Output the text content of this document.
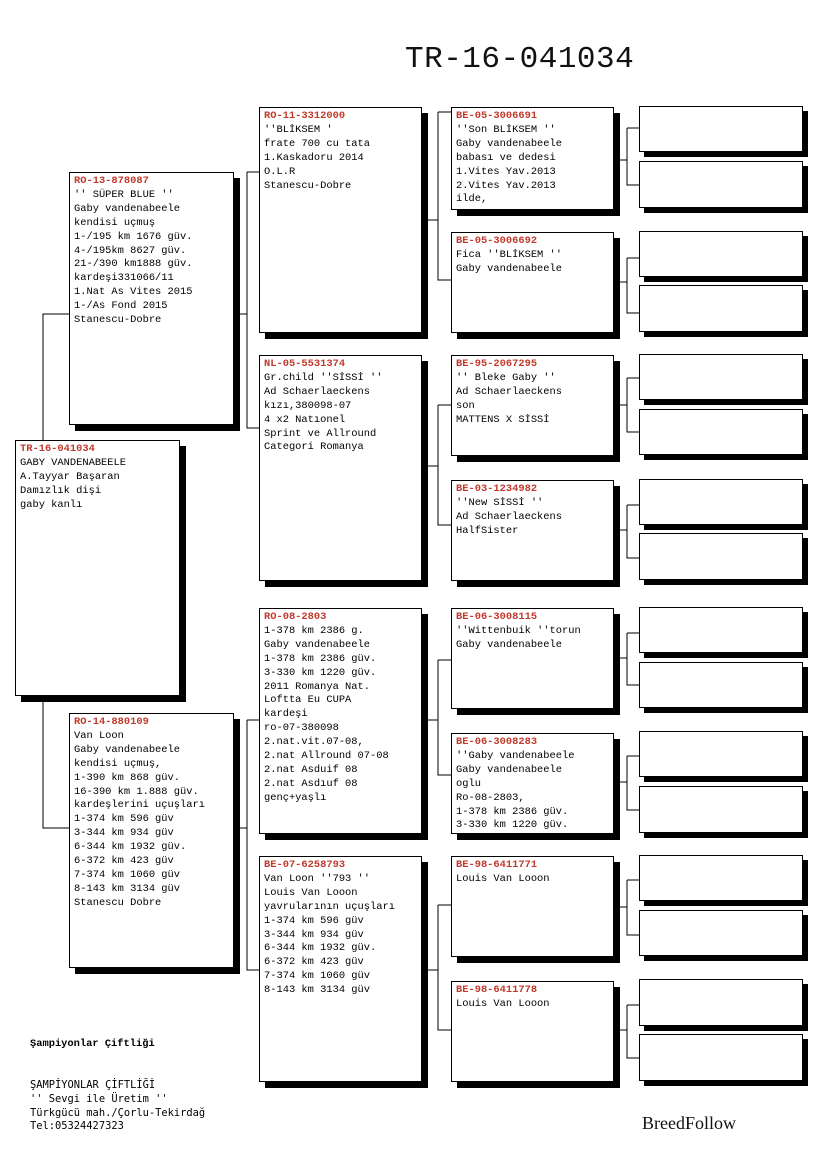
TR-16-041034
TR-16-041034
GABY VANDENABEELE
A.Tayyar Başaran
Damızlık dişi
gaby kanlı
RO-13-878087
'' SÜPER BLUE ''
Gaby vandenabeele
kendisi uçmuş
1-/195 km 1676 güv.
4-/195km 8627 güv.
21-/390 km1888 güv.
kardeşi331066/11
1.Nat As Vites 2015
1-/As Fond 2015
Stanescu-Dobre
RO-14-880109
Van Loon
Gaby vandenabeele
kendisi uçmuş,
1-390 km 868 güv.
16-390 km 1.888 güv.
kardeşlerini uçuşları
1-374 km 596 güv
3-344 km 934 güv
6-344 km 1932 güv.
6-372 km 423 güv
7-374 km 1060 güv
8-143 km 3134 güv
Stanescu Dobre
RO-11-3312000
''BLİKSEM '
frate 700 cu tata
1.Kaskadoru 2014
O.L.R
Stanescu-Dobre
NL-05-5531374
Gr.child ''SİSSİ ''
Ad Schaerlaeckens
kızı,380098-07
4 x2 Natıonel
Sprint ve Allround
Categori Romanya
RO-08-2803
1-378 km 2386 g.
Gaby vandenabeele
1-378 km 2386 güv.
3-330 km 1220 güv.
2011 Romanya Nat.
Loftta Eu CUPA
kardeşi
ro-07-380098
2.nat.vit.07-08,
2.nat Allround 07-08
2.nat Asduif 08
2.nat Asdıuf 08
genç+yaşlı
BE-07-6258793
Van Loon ''793 ''
Louis Van Looon
yavrularının uçuşları
1-374 km 596 güv
3-344 km 934 güv
6-344 km 1932 güv.
6-372 km 423 güv
7-374 km 1060 güv
8-143 km 3134 güv
BE-05-3006691
''Son BLİKSEM ''
Gaby vandenabeele
babası ve dedesi
1.Vites Yav.2013
2.Vites Yav.2013
ilde,
BE-05-3006692
Fica ''BLİKSEM ''
Gaby vandenabeele
BE-95-2067295
'' Bleke Gaby ''
Ad Schaerlaeckens
son
MATTENS X SİSSİ
BE-03-1234982
''New SİSSİ ''
Ad Schaerlaeckens
HalfSister
BE-06-3008115
''Wittenbuik ''torun
Gaby vandenabeele
BE-06-3008283
''Gaby vandenabeele
Gaby vandenabeele
oglu
Ro-08-2803,
1-378 km 2386 güv.
3-330 km 1220 güv.
BE-98-6411771
Louis Van Looon
BE-98-6411778
Louis Van Looon

Şampiyonlar Çiftliği

ŞAMPİYONLAR ÇİFTLİĞİ
'' Sevgi ile Üretim ''
Türkgücü mah./Çorlu-Tekirdağ
Tel:05324427323	BreedFollow
